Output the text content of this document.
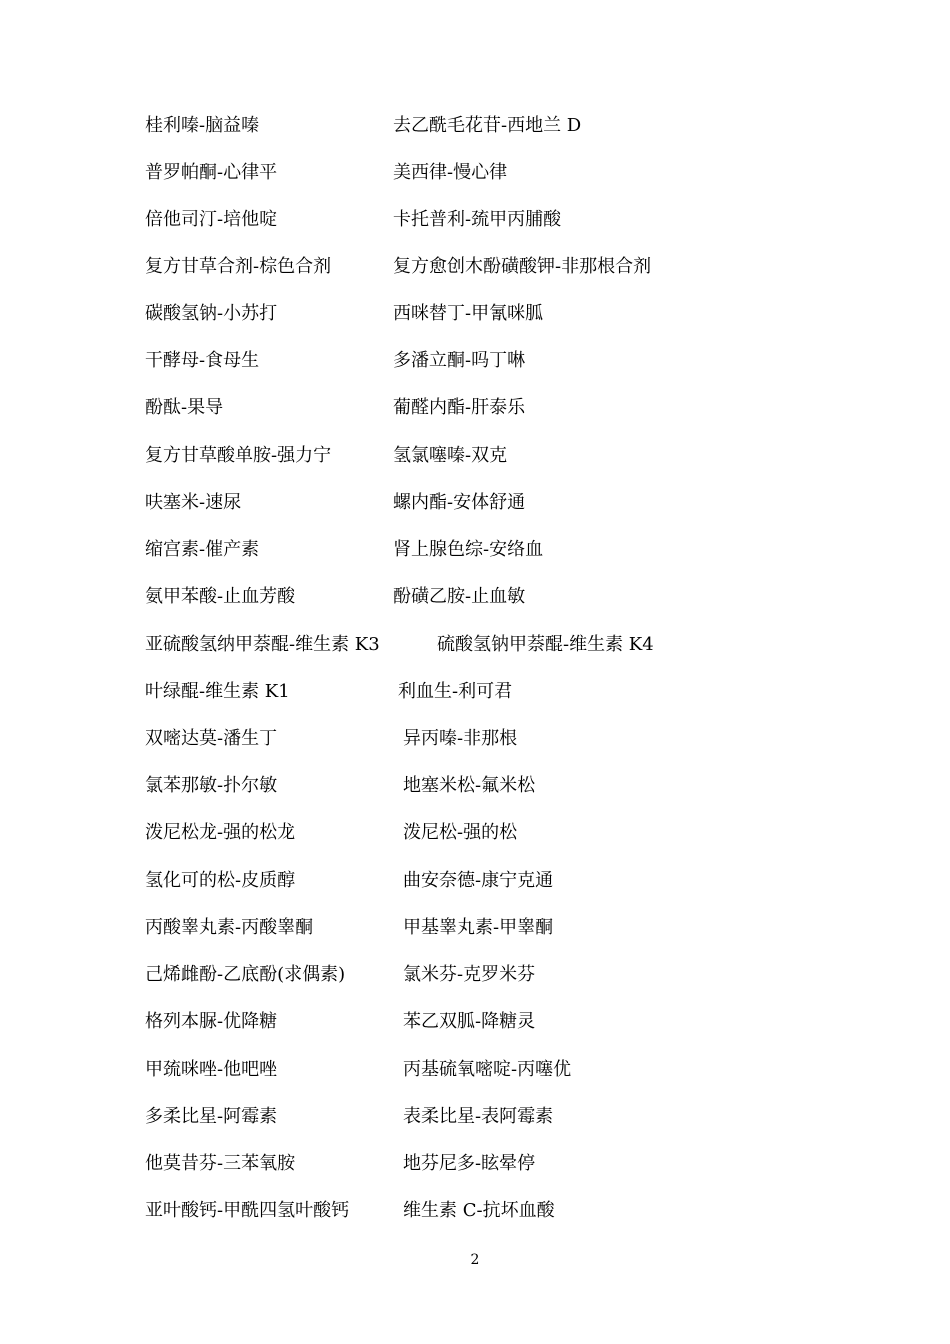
桂利嗪-脑益嗪	去乙酰毛花苷-西地兰 D
普罗帕酮-心律平	美西律-慢心律
倍他司汀-培他啶	卡托普利-巯甲丙脯酸
复方甘草合剂-棕色合剂	复方愈创木酚磺酸钾-非那根合剂
碳酸氢钠-小苏打	西咪替丁-甲氰咪胍
干酵母-食母生	多潘立酮-吗丁啉
酚酞-果导	葡醛内酯-肝泰乐
复方甘草酸单胺-强力宁	氢氯噻嗪-双克
呋塞米-速尿	螺内酯-安体舒通
缩宫素-催产素	肾上腺色综-安络血
氨甲苯酸-止血芳酸	酚磺乙胺-止血敏
亚硫酸氢纳甲萘醌-维生素 K3	硫酸氢钠甲萘醌-维生素 K4
叶绿醌-维生素 K1	利血生-利可君
双嘧达莫-潘生丁	异丙嗪-非那根
氯苯那敏-扑尔敏	地塞米松-氟米松
泼尼松龙-强的松龙	泼尼松-强的松
氢化可的松-皮质醇	曲安奈德-康宁克通
丙酸睾丸素-丙酸睾酮	甲基睾丸素-甲睾酮
己烯雌酚-乙底酚(求偶素)	氯米芬-克罗米芬
格列本脲-优降糖	苯乙双胍-降糖灵
甲巯咪唑-他吧唑	丙基硫氧嘧啶-丙噻优
多柔比星-阿霉素	表柔比星-表阿霉素
他莫昔芬-三苯氧胺	地芬尼多-眩晕停
亚叶酸钙-甲酰四氢叶酸钙	维生素 C-抗坏血酸
2
